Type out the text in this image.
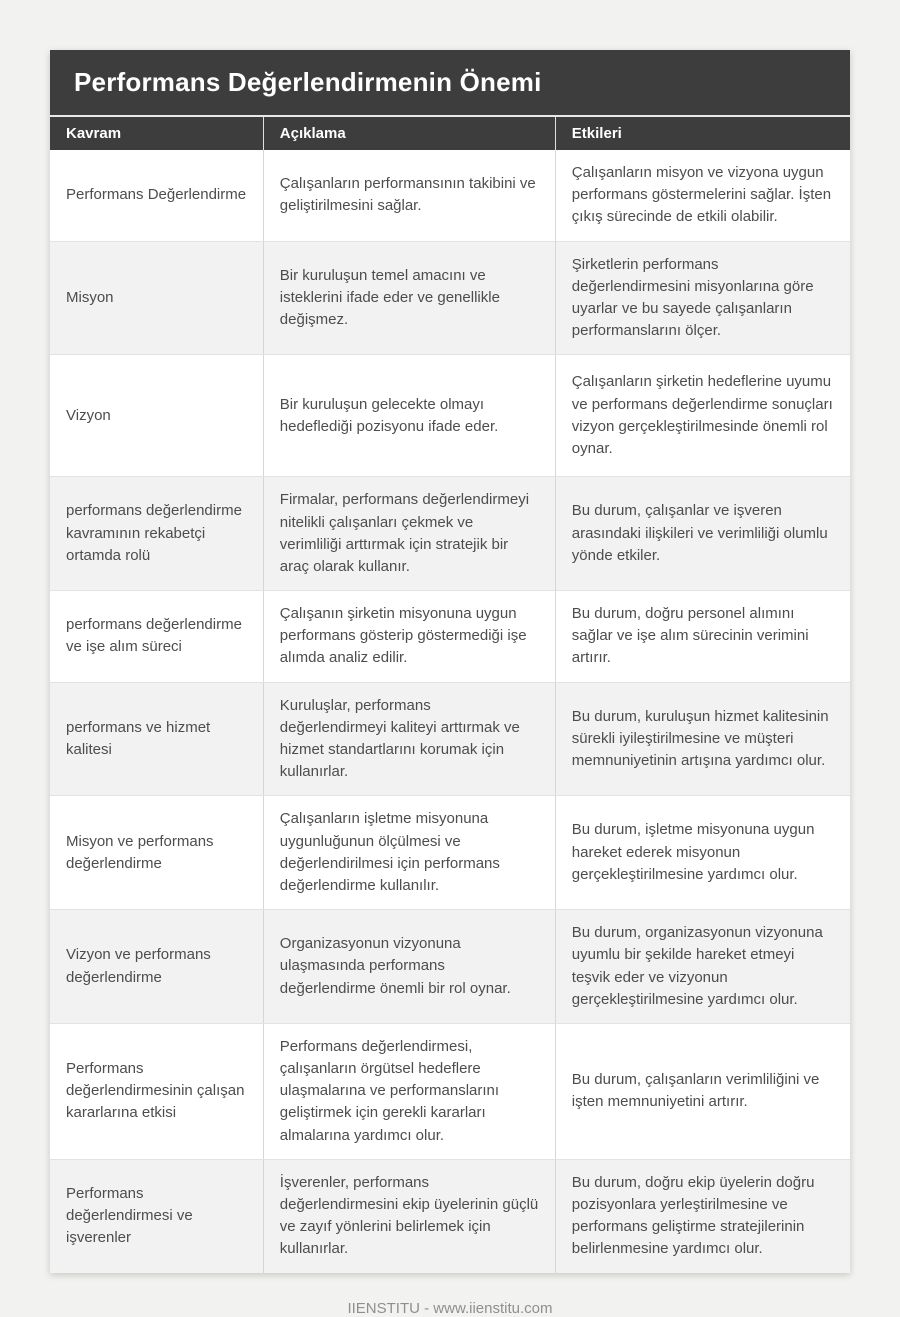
Performans Değerlendirmenin Önemi
Kavram	Açıklama	Etkileri
Performans Değerlendirme
Çalışanların performansının takibini ve geliştirilmesini sağlar.
Çalışanların misyon ve vizyona uygun performans göstermelerini sağlar. İşten çıkış sürecinde de etkili olabilir.
Misyon
Bir kuruluşun temel amacını ve isteklerini ifade eder ve genellikle değişmez.
Şirketlerin performans değerlendirmesini misyonlarına göre uyarlar ve bu sayede çalışanların performanslarını ölçer.
Vizyon
Bir kuruluşun gelecekte olmayı hedeflediği pozisyonu ifade eder.
Çalışanların şirketin hedeflerine uyumu ve performans değerlendirme sonuçları vizyon gerçekleştirilmesinde önemli rol oynar.
performans değerlendirme kavramının rekabetçi ortamda rolü
Firmalar, performans değerlendirmeyi nitelikli çalışanları çekmek ve verimliliği arttırmak için stratejik bir araç olarak kullanır.
Bu durum, çalışanlar ve işveren arasındaki ilişkileri ve verimliliği olumlu yönde etkiler.
performans değerlendirme ve işe alım süreci
Çalışanın şirketin misyonuna uygun performans gösterip göstermediği işe alımda analiz edilir.
Bu durum, doğru personel alımını sağlar ve işe alım sürecinin verimini artırır.
performans ve hizmet kalitesi
Kuruluşlar, performans değerlendirmeyi kaliteyi arttırmak ve hizmet standartlarını korumak için kullanırlar.
Bu durum, kuruluşun hizmet kalitesinin sürekli iyileştirilmesine ve müşteri memnuniyetinin artışına yardımcı olur.
Misyon ve performans değerlendirme
Çalışanların işletme misyonuna uygunluğunun ölçülmesi ve değerlendirilmesi için performans değerlendirme kullanılır.
Bu durum, işletme misyonuna uygun hareket ederek misyonun gerçekleştirilmesine yardımcı olur.
Vizyon ve performans değerlendirme
Organizasyonun vizyonuna ulaşmasında performans değerlendirme önemli bir rol oynar.
Bu durum, organizasyonun vizyonuna uyumlu bir şekilde hareket etmeyi teşvik eder ve vizyonun gerçekleştirilmesine yardımcı olur.
Performans değerlendirmesinin çalışan kararlarına etkisi
Performans değerlendirmesi, çalışanların örgütsel hedeflere ulaşmalarına ve performanslarını geliştirmek için gerekli kararları almalarına yardımcı olur.
Bu durum, çalışanların verimliliğini ve işten memnuniyetini artırır.
Performans değerlendirmesi ve işverenler
İşverenler, performans değerlendirmesini ekip üyelerinin güçlü ve zayıf yönlerini belirlemek için kullanırlar.
Bu durum, doğru ekip üyelerin doğru pozisyonlara yerleştirilmesine ve performans geliştirme stratejilerinin belirlenmesine yardımcı olur.
IIENSTITU - www.iienstitu.com
